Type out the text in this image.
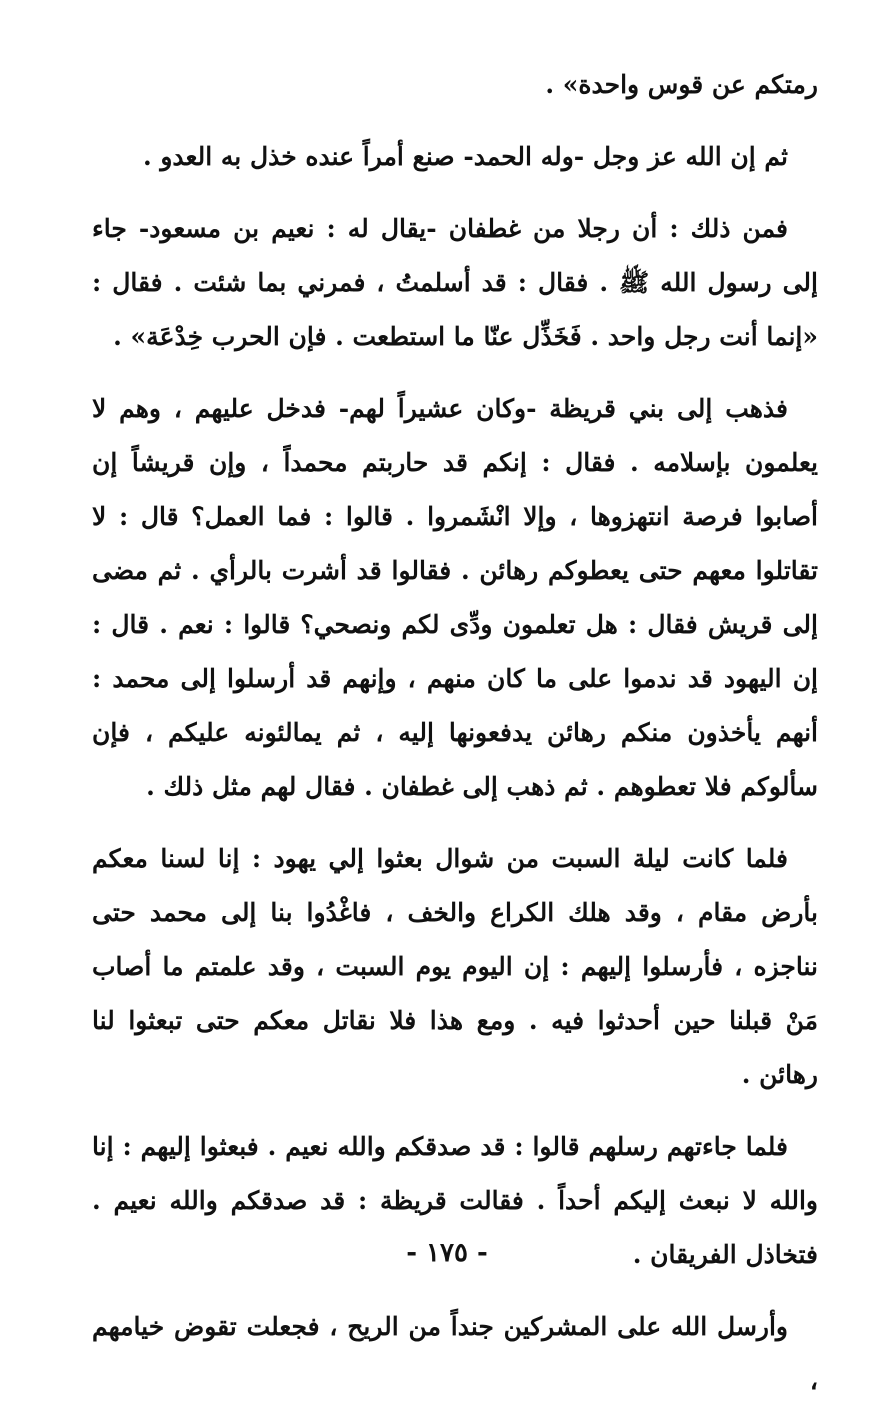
رمتكم عن قوس واحدة» .

ثم إن الله عز وجل -وله الحمد- صنع أمراً عنده خذل به العدو .

فمن ذلك : أن رجلا من غطفان -يقال له : نعيم بن مسعود- جاء إلى رسول الله ﷺ . فقال : قد أسلمتُ ، فمرني بما شئت . فقال : «إنما أنت رجل واحد . فَخَذِّل عنّا ما استطعت . فإن الحرب خِدْعَة» .

فذهب إلى بني قريظة -وكان عشيراً لهم- فدخل عليهم ، وهم لا يعلمون بإسلامه . فقال : إنكم قد حاربتم محمداً ، وإن قريشاً إن أصابوا فرصة انتهزوها ، وإلا انْشَمروا . قالوا : فما العمل؟ قال : لا تقاتلوا معهم حتى يعطوكم رهائن . فقالوا قد أشرت بالرأي . ثم مضى إلى قريش فقال : هل تعلمون ودِّى لكم ونصحي؟ قالوا : نعم . قال : إن اليهود قد ندموا على ما كان منهم ، وإنهم قد أرسلوا إلى محمد : أنهم يأخذون منكم رهائن يدفعونها إليه ، ثم يمالئونه عليكم ، فإن سألوكم فلا تعطوهم . ثم ذهب إلى غطفان . فقال لهم مثل ذلك .

فلما كانت ليلة السبت من شوال بعثوا إلي يهود : إنا لسنا معكم بأرض مقام ، وقد هلك الكراع والخف ، فاغْدُوا بنا إلى محمد حتى نناجزه ، فأرسلوا إليهم : إن اليوم يوم السبت ، وقد علمتم ما أصاب مَنْ قبلنا حين أحدثوا فيه . ومع هذا فلا نقاتل معكم حتى تبعثوا لنا رهائن .

فلما جاءتهم رسلهم قالوا : قد صدقكم والله نعيم . فبعثوا إليهم : إنا والله لا نبعث إليكم أحداً . فقالت قريظة : قد صدقكم والله نعيم . فتخاذل الفريقان .

وأرسل الله على المشركين جنداً من الريح ، فجعلت تقوض خيامهم ،

- ١٧٥ -
